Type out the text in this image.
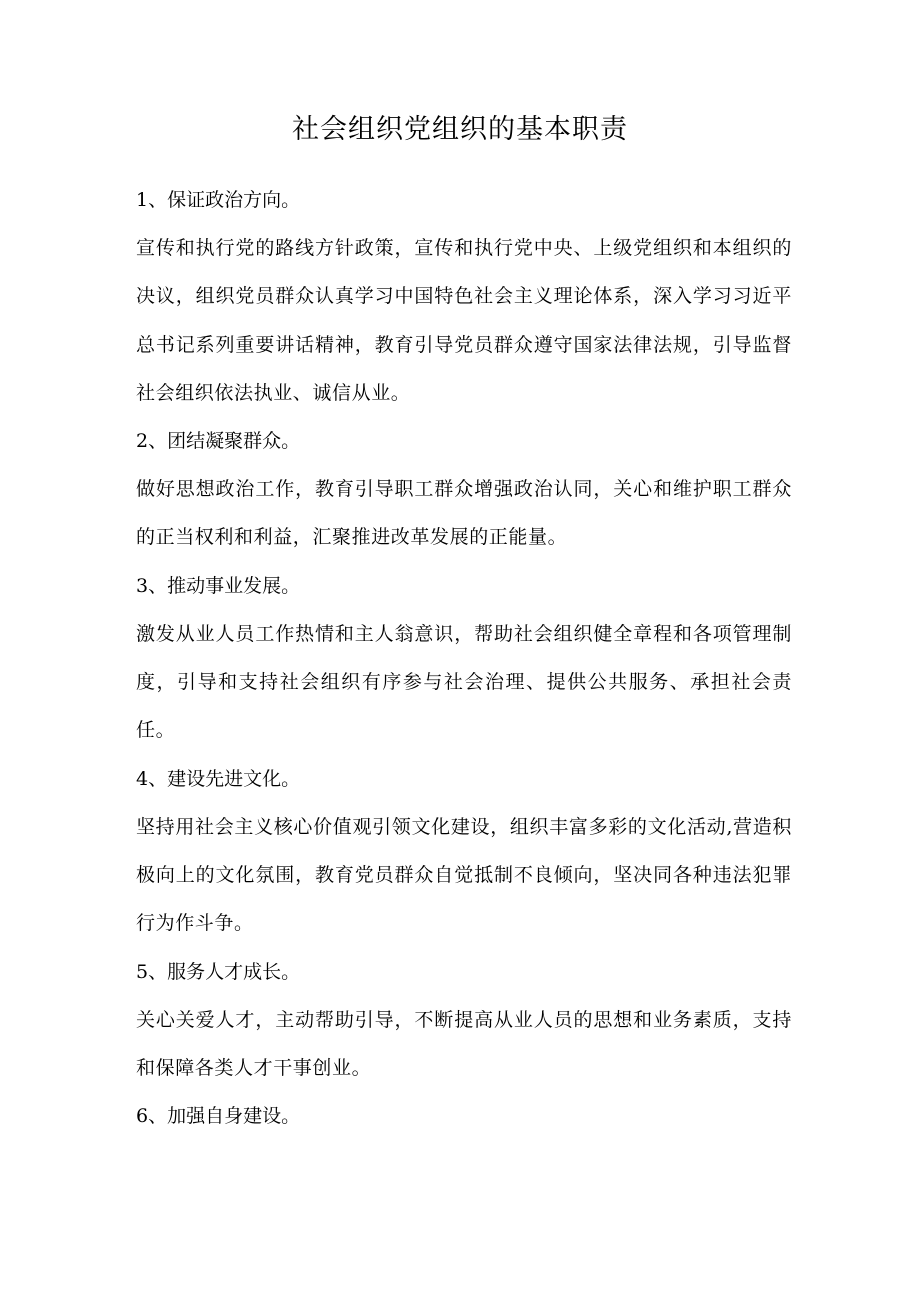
社会组织党组织的基本职责

1、保证政治方向。

宣传和执行党的路线方针政策，宣传和执行党中央、上级党组织和本组织的决议，组织党员群众认真学习中国特色社会主义理论体系，深入学习习近平总书记系列重要讲话精神，教育引导党员群众遵守国家法律法规，引导监督社会组织依法执业、诚信从业。

2、团结凝聚群众。

做好思想政治工作，教育引导职工群众增强政治认同，关心和维护职工群众的正当权利和利益，汇聚推进改革发展的正能量。

3、推动事业发展。

激发从业人员工作热情和主人翁意识，帮助社会组织健全章程和各项管理制度，引导和支持社会组织有序参与社会治理、提供公共服务、承担社会责任。

4、建设先进文化。

坚持用社会主义核心价值观引领文化建设，组织丰富多彩的文化活动,营造积极向上的文化氛围，教育党员群众自觉抵制不良倾向，坚决同各种违法犯罪行为作斗争。

5、服务人才成长。

关心关爱人才，主动帮助引导，不断提高从业人员的思想和业务素质，支持和保障各类人才干事创业。

6、加强自身建设。
